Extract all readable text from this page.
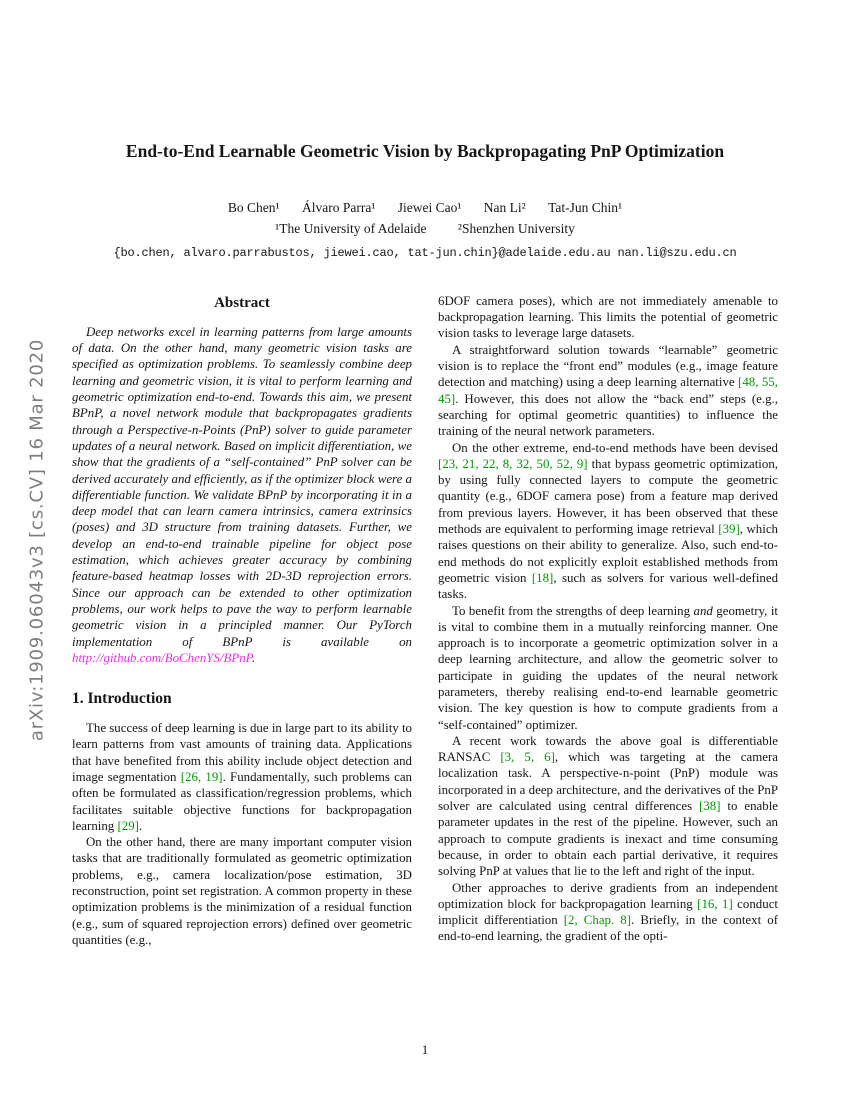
arXiv:1909.06043v3 [cs.CV] 16 Mar 2020
End-to-End Learnable Geometric Vision by Backpropagating PnP Optimization
Bo Chen¹ Álvaro Parra¹ Jiewei Cao¹ Nan Li² Tat-Jun Chin¹
¹The University of Adelaide ²Shenzhen University
{bo.chen, alvaro.parrabustos, jiewei.cao, tat-jun.chin}@adelaide.edu.au nan.li@szu.edu.cn
Abstract

Deep networks excel in learning patterns from large amounts of data. On the other hand, many geometric vision tasks are specified as optimization problems. To seamlessly combine deep learning and geometric vision, it is vital to perform learning and geometric optimization end-to-end. Towards this aim, we present BPnP, a novel network module that backpropagates gradients through a Perspective-n-Points (PnP) solver to guide parameter updates of a neural network. Based on implicit differentiation, we show that the gradients of a “self-contained” PnP solver can be derived accurately and efficiently, as if the optimizer block were a differentiable function. We validate BPnP by incorporating it in a deep model that can learn camera intrinsics, camera extrinsics (poses) and 3D structure from training datasets. Further, we develop an end-to-end trainable pipeline for object pose estimation, which achieves greater accuracy by combining feature-based heatmap losses with 2D-3D reprojection errors. Since our approach can be extended to other optimization problems, our work helps to pave the way to perform learnable geometric vision in a principled manner. Our PyTorch implementation of BPnP is available on http://github.com/BoChenYS/BPnP.

1. Introduction

The success of deep learning is due in large part to its ability to learn patterns from vast amounts of training data. Applications that have benefited from this ability include object detection and image segmentation [26, 19]. Fundamentally, such problems can often be formulated as classification/regression problems, which facilitates suitable objective functions for backpropagation learning [29].

On the other hand, there are many important computer vision tasks that are traditionally formulated as geometric optimization problems, e.g., camera localization/pose estimation, 3D reconstruction, point set registration. A common property in these optimization problems is the minimization of a residual function (e.g., sum of squared reprojection errors) defined over geometric quantities (e.g.,

6DOF camera poses), which are not immediately amenable to backpropagation learning. This limits the potential of geometric vision tasks to leverage large datasets.

A straightforward solution towards “learnable” geometric vision is to replace the “front end” modules (e.g., image feature detection and matching) using a deep learning alternative [48, 55, 45]. However, this does not allow the “back end” steps (e.g., searching for optimal geometric quantities) to influence the training of the neural network parameters.

On the other extreme, end-to-end methods have been devised [23, 21, 22, 8, 32, 50, 52, 9] that bypass geometric optimization, by using fully connected layers to compute the geometric quantity (e.g., 6DOF camera pose) from a feature map derived from previous layers. However, it has been observed that these methods are equivalent to performing image retrieval [39], which raises questions on their ability to generalize. Also, such end-to-end methods do not explicitly exploit established methods from geometric vision [18], such as solvers for various well-defined tasks.

To benefit from the strengths of deep learning and geometry, it is vital to combine them in a mutually reinforcing manner. One approach is to incorporate a geometric optimization solver in a deep learning architecture, and allow the geometric solver to participate in guiding the updates of the neural network parameters, thereby realising end-to-end learnable geometric vision. The key question is how to compute gradients from a “self-contained” optimizer.

A recent work towards the above goal is differentiable RANSAC [3, 5, 6], which was targeting at the camera localization task. A perspective-n-point (PnP) module was incorporated in a deep architecture, and the derivatives of the PnP solver are calculated using central differences [38] to enable parameter updates in the rest of the pipeline. However, such an approach to compute gradients is inexact and time consuming because, in order to obtain each partial derivative, it requires solving PnP at values that lie to the left and right of the input.

Other approaches to derive gradients from an independent optimization block for backpropagation learning [16, 1] conduct implicit differentiation [2, Chap. 8]. Briefly, in the context of end-to-end learning, the gradient of the opti-

1
